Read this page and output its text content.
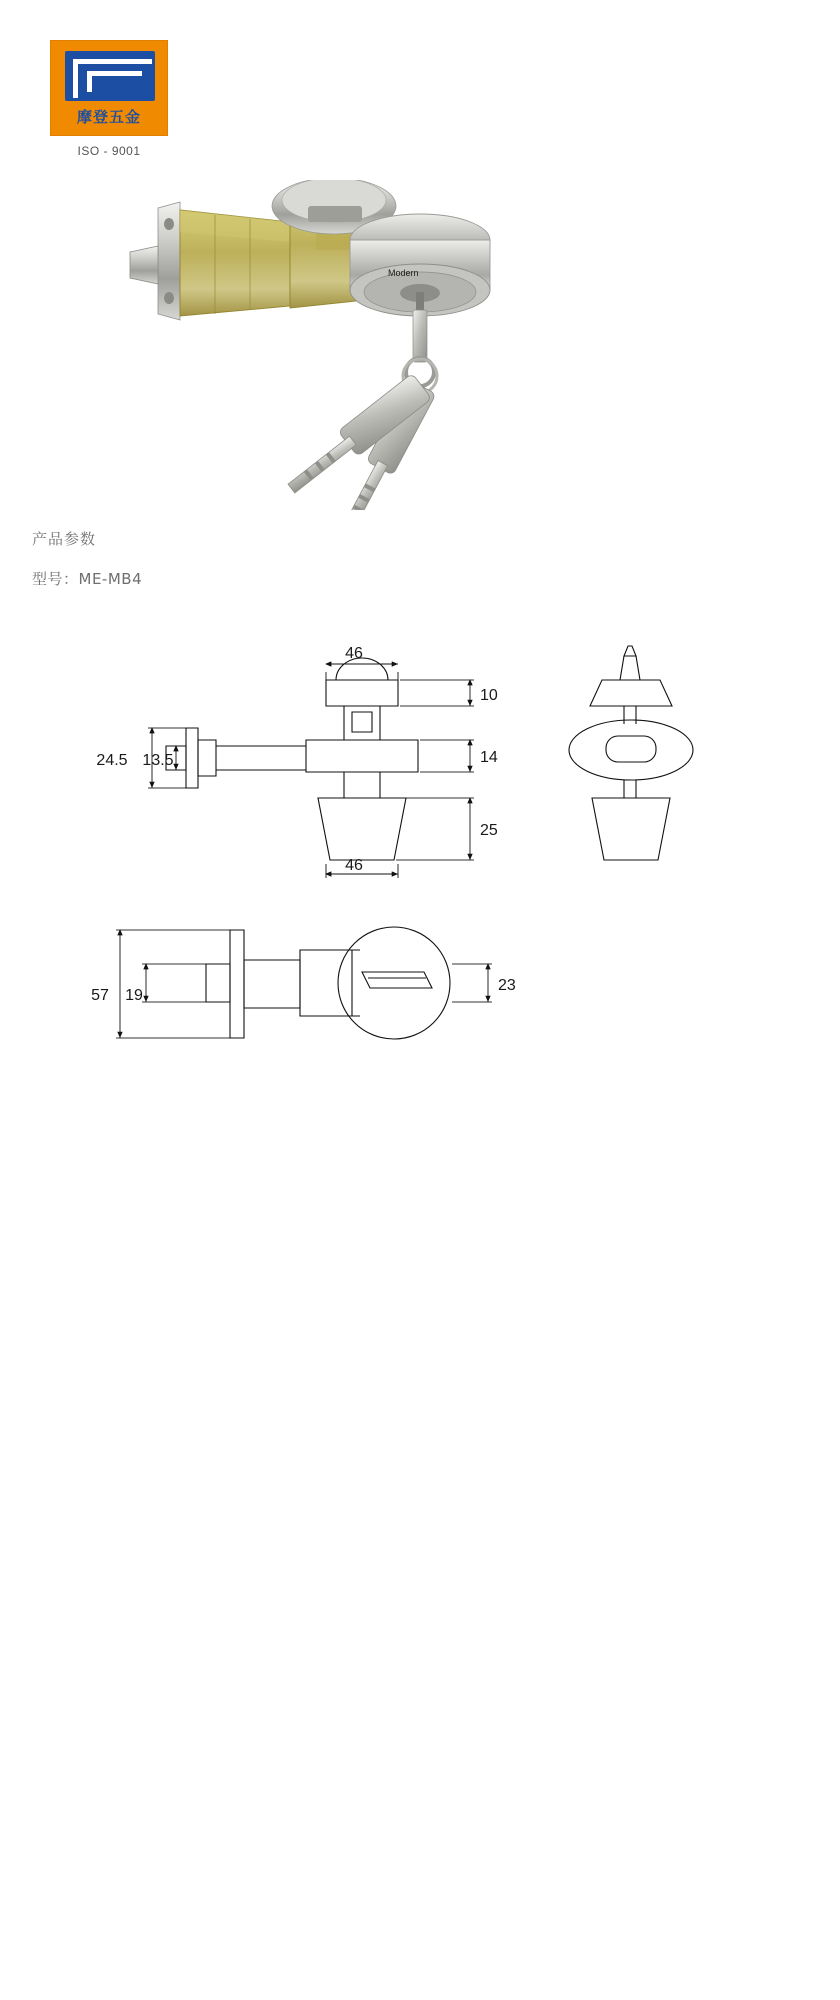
摩登五金
ISO - 9001
Modern
产品参数
型号：ME-MB4
46
10
24.5 13.5	14
25
46
57 19
23
